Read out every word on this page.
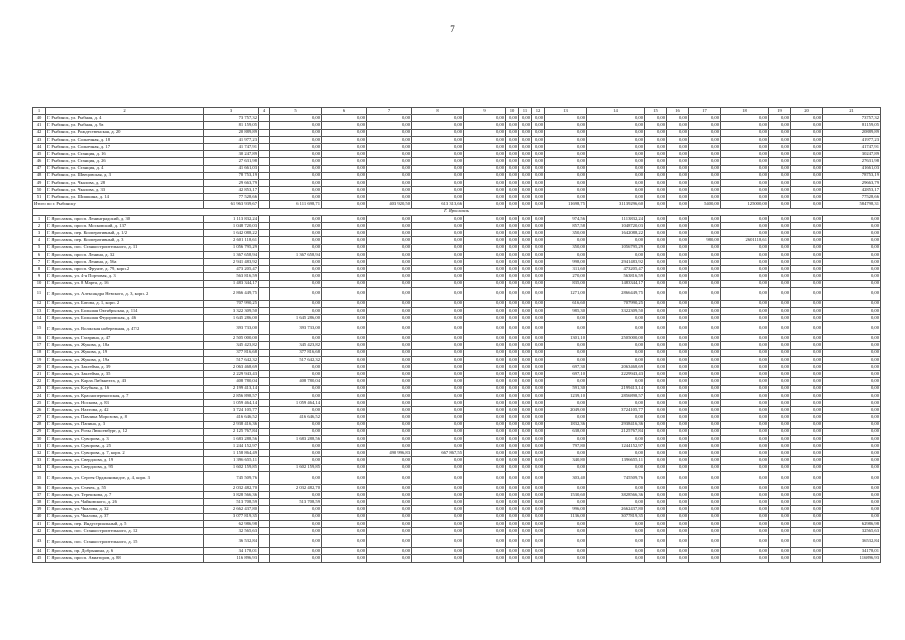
7
1	2	3	4	5	6	7	8	9	10	11	12	13	14	15	16	17	18	19	20	21
40	Г. Рыбинск, ул. Рыбная, д. 4	73 757,32		0,00	0,00	0,00	0,00	0,00	0,00	0,00	0,00	0,00	0,00	0,00	0,00	0,00	0,00	0,00	0,00	73757,32
41	Г. Рыбинск, ул. Рыбная, д. 9а	81 159,05		0,00	0,00	0,00	0,00	0,00	0,00	0,00	0,00	0,00	0,00	0,00	0,00	0,00	0,00	0,00	0,00	81159,05
42	Г. Рыбинск, ул. Рождественская, д. 20	20 889,89		0,00	0,00	0,00	0,00	0,00	0,00	0,00	0,00	0,00	0,00	0,00	0,00	0,00	0,00	0,00	0,00	20889,89
43	Г. Рыбинск, ул. Солнечная, д. 18	41 977,23		0,00	0,00	0,00	0,00	0,00	0,00	0,00	0,00	0,00	0,00	0,00	0,00	0,00	0,00	0,00	0,00	41977,23
44	Г. Рыбинск, ул. Солнечная, д. 17	41 747,91		0,00	0,00	0,00	0,00	0,00	0,00	0,00	0,00	0,00	0,00	0,00	0,00	0,00	0,00	0,00	0,00	41747,91
45	Г. Рыбинск, ул. Станция, д. 16	30 247,89		0,00	0,00	0,00	0,00	0,00	0,00	0,00	0,00	0,00	0,00	0,00	0,00	0,00	0,00	0,00	0,00	30247,89
46	Г. Рыбинск, ул. Станция, д. 26	27 631,98		0,00	0,00	0,00	0,00	0,00	0,00	0,00	0,00	0,00	0,00	0,00	0,00	0,00	0,00	0,00	0,00	27631,98
47	Г. Рыбинск, ул. Станция, д. 4	41 661,03		0,00	0,00	0,00	0,00	0,00	0,00	0,00	0,00	0,00	0,00	0,00	0,00	0,00	0,00	0,00	0,00	41661,03
48	Г. Рыбинск, ул. Швецовская, д. 3	78 753,19		0,00	0,00	0,00	0,00	0,00	0,00	0,00	0,00	0,00	0,00	0,00	0,00	0,00	0,00	0,00	0,00	78753,19
49	Г. Рыбинск, ул. Чкалова, д. 28	29 663,79		0,00	0,00	0,00	0,00	0,00	0,00	0,00	0,00	0,00	0,00	0,00	0,00	0,00	0,00	0,00	0,00	29663,79
50	Г. Рыбинск, ул. Чкалова, д. 33	42 853,17		0,00	0,00	0,00	0,00	0,00	0,00	0,00	0,00	0,00	0,00	0,00	0,00	0,00	0,00	0,00	0,00	42853,17
51	Г. Рыбинск, ул. Шишкина, д. 14	77 528,66		0,00	0,00	0,00	0,00	0,00	0,00	0,00	0,00	0,00	0,00	0,00	0,00	0,00	0,00	0,00	0,00	77528,66
Итого по г. Рыбинску		61 963 939,67		6 111 698,71	0,00	403 920,50	613 313,66	0,00	0,00	0,00	0,00	11698,75	31139296,60	0,00	0,00	5400,00	125000,00	0,00	0,00	584798,31
Г. Ярославль																				
1	Г. Ярославль, просп. Ленинградский, д. 30	1 113 832,24		0,00	0,00	0,00	0,00	0,00	0,00	0,00	0,00	974,56	1113832,24	0,00	0,00	0,00	0,00	0,00	0,00	0,00
2	Г. Ярославль, просп. Московский, д. 137	1 048 720,03		0,00	0,00	0,00	0,00	0,00	0,00	0,00	0,00	857,58	1048720,03	0,00	0,00	0,00	0,00	0,00	0,00	0,00
3	Г. Ярославль, пер. Кооперативный, д. 1/2	1 642 088,22		0,00	0,00	0,00	0,00	0,00	0,00	0,00	0,00	350,00	1642088,22	0,00	0,00	0,00	0,00	0,00	0,00	0,00
4	Г. Ярославль, пер. Кооперативный, д. 3	2 601 118,61		0,00	0,00	0,00	0,00	0,00	0,00	0,00	0,00	0,00	0,00	0,00	0,00	980,00	2601118,61	0,00	0,00	0,00
5	Г. Ярославль, пос. Станкостроительного, д. 11	1 056 795,29		0,00	0,00	0,00	0,00	0,00	0,00	0,00	0,00	350,00	1056795,29	0,00	0,00	0,00	0,00	0,00	0,00	0,00
6	Г. Ярославль, просп. Ленина, д. 32	1 367 658,94		1 367 658,94	0,00	0,00	0,00	0,00	0,00	0,00	0,00	0,00	0,00	0,00	0,00	0,00	0,00	0,00	0,00	0,00
7	Г. Ярославль, просп. Ленина, д. 56а	2 941 483,92		0,00	0,00	0,00	0,00	0,00	0,00	0,00	0,00	998,00	2941483,92	0,00	0,00	0,00	0,00	0,00	0,00	0,00
8	Г. Ярославль, просп. Фрунзе, д. 79, корп.2	473 205,47		0,00	0,00	0,00	0,00	0,00	0,00	0,00	0,00	311,60	473205,47	0,00	0,00	0,00	0,00	0,00	0,00	0,00
9	Г. Ярославль, ул. 4-я Портовая, д. 3	563 816,59		0,00	0,00	0,00	0,00	0,00	0,00	0,00	0,00	270,00	563816,59	0,00	0,00	0,00	0,00	0,00	0,00	0,00
10	Г. Ярославль, ул. 8 Марта, д. 16	1 483 344,17		0,00	0,00	0,00	0,00	0,00	0,00	0,00	0,00	835,00	1483344,17	0,00	0,00	0,00	0,00	0,00	0,00	0,00
11	Г. Ярославль, ул. Александра Невского, д. 3, корп. 2	2 866 449,75		0,00	0,00	0,00	0,00	0,00	0,00	0,00	0,00	1271,00	2866449,75	0,00	0,00	0,00	0,00	0,00	0,00	0,00
12	Г. Ярославль, ул. Батова, д. 1, корп. 2	707 990,25		0,00	0,00	0,00	0,00	0,00	0,00	0,00	0,00	616,60	707990,25	0,00	0,00	0,00	0,00	0,00	0,00	0,00
13	Г. Ярославль, ул. Большая Октябрьская, д. 114	3 322 309,50		0,00	0,00	0,00	0,00	0,00	0,00	0,00	0,00	985,30	3322309,50	0,00	0,00	0,00	0,00	0,00	0,00	0,00
14	Г. Ярославль, ул. Большая Федоровская, д. 46	1 645 286,00		1 645 286,00	0,00	0,00	0,00	0,00	0,00	0,00	0,00	0,00	0,00	0,00	0,00	0,00	0,00	0,00	0,00	0,00
15	Г. Ярославль, ул. Волжская набережная, д. 47/2	393 733,00		393 733,00	0,00	0,00	0,00	0,00	0,00	0,00	0,00	0,00	0,00	0,00	0,00	0,00	0,00	0,00	0,00	0,00
16	Г. Ярославль, ул. Гагарина, д. 47	2 505 000,00		0,00	0,00	0,00	0,00	0,00	0,00	0,00	0,00	1301,10	2505000,00	0,00	0,00	0,00	0,00	0,00	0,00	0,00
17	Г. Ярославль, ул. Жукова, д. 18а	345 423,82		345 423,82	0,00	0,00	0,00	0,00	0,00	0,00	0,00	0,00	0,00	0,00	0,00	0,00	0,00	0,00	0,00	0,00
18	Г. Ярославль, ул. Жукова, д. 19	377 816,68		377 816,68	0,00	0,00	0,00	0,00	0,00	0,00	0,00	0,00	0,00	0,00	0,00	0,00	0,00	0,00	0,00	0,00
19	Г. Ярославль, ул. Жукова, д. 19а	517 642,32		517 642,32	0,00	0,00	0,00	0,00	0,00	0,00	0,00	0,00	0,00	0,00	0,00	0,00	0,00	0,00	0,00	0,00
20	Г. Ярославль, ул. Закгейма, д. 39	2 063 468,69		0,00	0,00	0,00	0,00	0,00	0,00	0,00	0,00	697,30	2063468,69	0,00	0,00	0,00	0,00	0,00	0,00	0,00
21	Г. Ярославль, ул. Закгейма, д. 35	2 229 943,43		0,00	0,00	0,00	0,00	0,00	0,00	0,00	0,00	697,10	2229943,43	0,00	0,00	0,00	0,00	0,00	0,00	0,00
22	Г. Ярославль, ул. Карла Либкнехта, д. 43	408 780,04		408 780,04	0,00	0,00	0,00	0,00	0,00	0,00	0,00	0,00	0,00	0,00	0,00	0,00	0,00	0,00	0,00	0,00
23	Г. Ярославль, ул. Клубная, д. 16	2 199 413,14		0,00	0,00	0,00	0,00	0,00	0,00	0,00	0,00	591,30	2199413,14	0,00	0,00	0,00	0,00	0,00	0,00	0,00
24	Г. Ярославль, ул. Красноперекопская, д. 7	2 856 898,57		0,00	0,00	0,00	0,00	0,00	0,00	0,00	0,00	1239,10	2856898,57	0,00	0,00	0,00	0,00	0,00	0,00	0,00
25	Г. Ярославль, ул. Носкова, д. 83	1 059 464,14		1 059 464,14	0,00	0,00	0,00	0,00	0,00	0,00	0,00	0,00	0,00	0,00	0,00	0,00	0,00	0,00	0,00	0,00
26	Г. Ярославль, ул. Нахтова, д. 42	3 724 105,77		0,00	0,00	0,00	0,00	0,00	0,00	0,00	0,00	2049,00	3724105,77	0,00	0,00	0,00	0,00	0,00	0,00	0,00
27	Г. Ярославль, ул. Павлика Морозова, д. 8	416 646,52		416 646,52	0,00	0,00	0,00	0,00	0,00	0,00	0,00	0,00	0,00	0,00	0,00	0,00	0,00	0,00	0,00	0,00
28	Г. Ярославль, ул. Папина, д. 3	2 938 416,36		0,00	0,00	0,00	0,00	0,00	0,00	0,00	0,00	1832,36	2938416,36	0,00	0,00	0,00	0,00	0,00	0,00	0,00
29	Г. Ярославль, ул. Розы Люксембург, д. 12	2 125 767,84		0,00	0,00	0,00	0,00	0,00	0,00	0,00	0,00	638,00	2125767,84	0,00	0,00	0,00	0,00	0,00	0,00	0,00
30	Г. Ярославль, ул. Суворова, д. 3	1 683 288,56		1 683 288,56	0,00	0,00	0,00	0,00	0,00	0,00	0,00	0,00	0,00	0,00	0,00	0,00	0,00	0,00	0,00	0,00
31	Г. Ярославль, ул. Суворова, д. 25	1 244 152,97		0,00	0,00	0,00	0,00	0,00	0,00	0,00	0,00	797,80	1244152,97	0,00	0,00	0,00	0,00	0,00	0,00	0,00
32	Г. Ярославль, ул. Суворова, д. 7, корп. 2	1 158 864,49		0,00	0,00	490 996,83	667 867,55	0,00	0,00	0,00	0,00	0,00	0,00	0,00	0,00	0,00	0,00	0,00	0,00	0,00
33	Г. Ярославль, ул. Свердлова, д. 19	1 396 655,11		0,00	0,00	0,00	0,00	0,00	0,00	0,00	0,00	340,80	1396655,11	0,00	0,00	0,00	0,00	0,00	0,00	0,00
34	Г. Ярославль, ул. Свердлова, д. 95	1 602 159,85		1 602 159,85	0,00	0,00	0,00	0,00	0,00	0,00	0,00	0,00	0,00	0,00	0,00	0,00	0,00	0,00	0,00	0,00
35	Г. Ярославль, ул. Сергея Орджоникидзе, д. 4, корп. 3	745 509,76		0,00	0,00	0,00	0,00	0,00	0,00	0,00	0,00	303,40	745509,76	0,00	0,00	0,00	0,00	0,00	0,00	0,00
36	Г. Ярославль, ул. Стачек, д. 55	2 032 482,70		2 032 482,70	0,00	0,00	0,00	0,00	0,00	0,00	0,00	0,00	0,00	0,00	0,00	0,00	0,00	0,00	0,00	0,00
37	Г. Ярославль, ул. Терешкова, д. 7	3 828 566,36		0,00	0,00	0,00	0,00	0,00	0,00	0,00	0,00	1530,60	3828566,36	0,00	0,00	0,00	0,00	0,00	0,00	0,00
38	Г. Ярославль, ул. Чайковского, д. 26	513 708,59		513 708,59	0,00	0,00	0,00	0,00	0,00	0,00	0,00	0,00	0,00	0,00	0,00	0,00	0,00	0,00	0,00	0,00
39	Г. Ярославль, ул. Чкалова, д. 32	2 662 437,80		0,00	0,00	0,00	0,00	0,00	0,00	0,00	0,00	996,00	2662437,80	0,00	0,00	0,00	0,00	0,00	0,00	0,00
40	Г. Ярославль, ул. Чкалова, д. 37	3 077 819,35		0,00	0,00	0,00	0,00	0,00	0,00	0,00	0,00	1136,00	3077819,35	0,00	0,00	0,00	0,00	0,00	0,00	0,00
41	Г. Ярославль, пер. Индустриальный, д. 5	62 986,98		0,00	0,00	0,00	0,00	0,00	0,00	0,00	0,00	0,00	0,00	0,00	0,00	0,00	0,00	0,00	0,00	62986,98
42	Г. Ярославль, пос. Станкостроительного, д. 12	32 565,63		0,00	0,00	0,00	0,00	0,00	0,00	0,00	0,00	0,00	0,00	0,00	0,00	0,00	0,00	0,00	0,00	32565,63
43	Г. Ярославль, пос. Станкостроительного, д. 15	36 532,84		0,00	0,00	0,00	0,00	0,00	0,00	0,00	0,00	0,00	0,00	0,00	0,00	0,00	0,00	0,00	0,00	36532,84
44	Г. Ярославль, пр. Добрынина, д. 6	34 178,01		0,00	0,00	0,00	0,00	0,00	0,00	0,00	0,00	0,00	0,00	0,00	0,00	0,00	0,00	0,00	0,00	34178,01
45	Г. Ярославль, просп. Авиаторов, д. 88	116 896,93		0,00	0,00	0,00	0,00	0,00	0,00	0,00	0,00	0,00	0,00	0,00	0,00	0,00	0,00	0,00	0,00	116896,93
